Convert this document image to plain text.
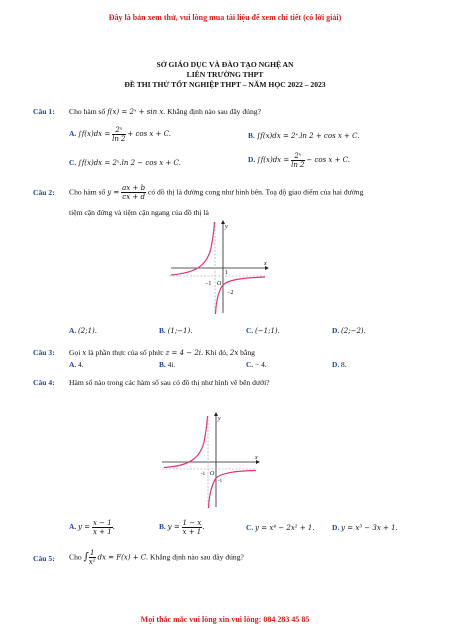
Đây là bản xem thử, vui lòng mua tài liệu để xem chi tiết (có lời giải)
SỞ GIÁO DỤC VÀ ĐÀO TẠO NGHỆ AN
LIÊN TRƯỜNG THPT
ĐỀ THI THỬ TỐT NGHIỆP THPT – NĂM HỌC 2022 – 2023
Câu 1: Cho hàm số f(x) = 2ˣ + sin x. Khẳng định nào sau đây đúng?
A. $\int f(x)dx = \frac{\text{2ˣ}}{\ln 2} + \cos x + C$.	B. ∫f(x)dx = 2ˣ.ln 2 + cos x + C.
C. ∫f(x)dx = 2ˣ.ln 2 − cos x + C.	D. $\int f(x)dx = \frac{\text{2ˣ}}{\ln 2} - \cos x + C$.
Câu 2: Cho hàm số $y = \frac{ax + b}{cx + d}$ có đồ thị là đường cong như hình bên. Toạ độ giao điểm của hai đường
tiệm cận đứng và tiệm cận ngang của đồ thị là
y
x
O
−1
1
−2
A. (2;1).	B. (1;−1).	C. (−1;1).	D. (2;−2).
Câu 3: Gọi x là phần thực của số phức z = 4 − 2i. Khi đó, 2x bằng
A. 4.	B. 4i.	C. − 4.	D. 8.
Câu 4: Hàm số nào trong các hàm số sau có đồ thị như hình vẽ bên dưới?
y
x
O
-1
-1
A. $y = \frac{x - 1}{x + 1}$ .	B. $y = \frac{1 - x}{x + 1}$ .	C. y = x⁴ − 2x² + 1. D. y = x³ − 3x + 1.
Câu 5: Cho ∫ $\frac{1}{\text{x²}}$ dx = F(x) + C. Khẳng định nào sau đây đúng?
Mọi thắc mắc vui lòng xin vui lòng: 084 283 45 85
